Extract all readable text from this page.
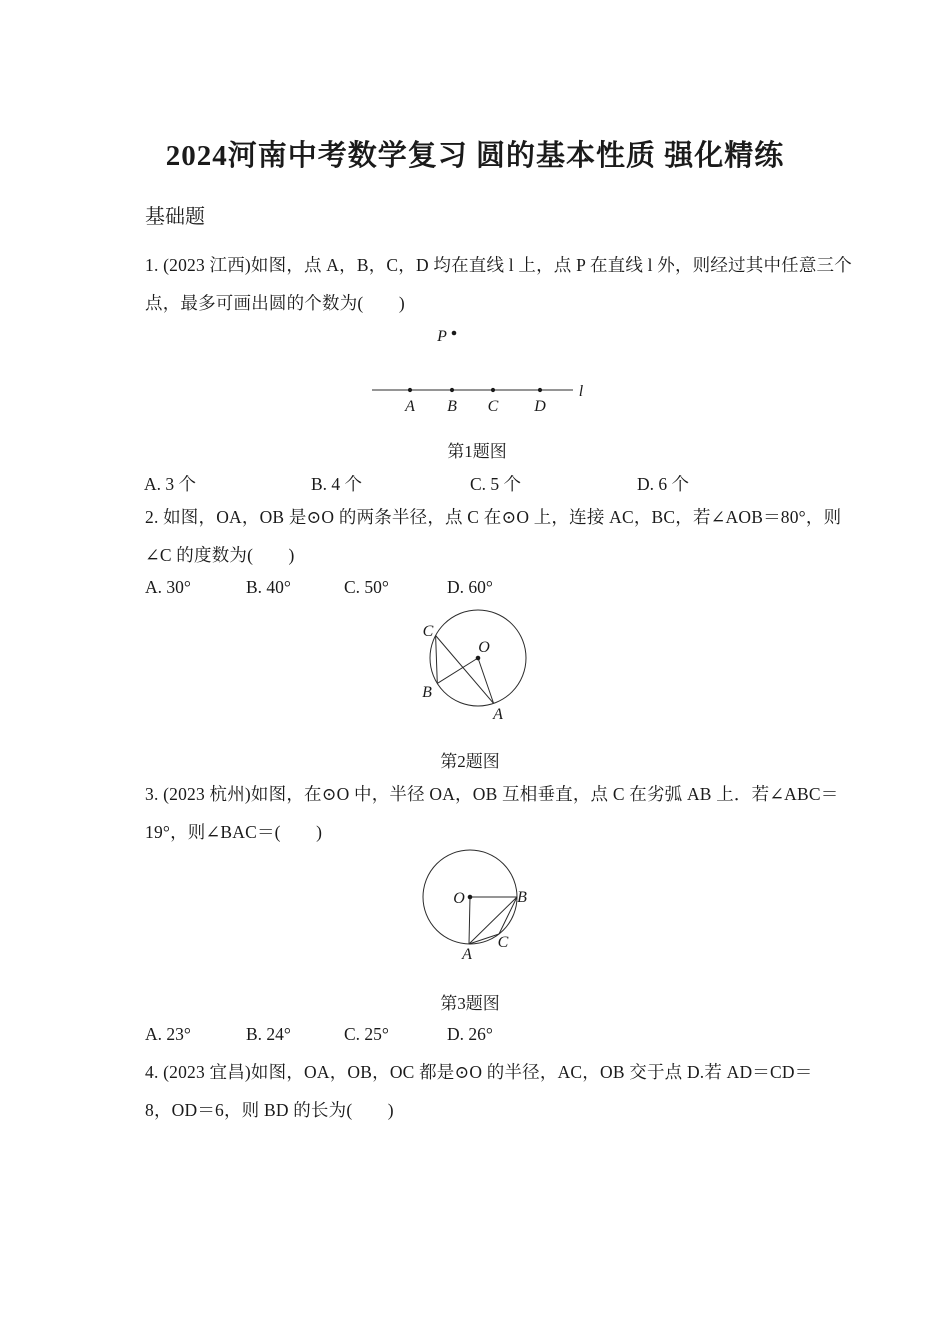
2024河南中考数学复习 圆的基本性质 强化精练
基础题
1. (2023 江西)如图，点 A，B，C，D 均在直线 l 上，点 P 在直线 l 外，则经过其中任意三个
点，最多可画出圆的个数为(　　)
P
A B C D
l
第1题图
A. 3 个	B. 4 个	C. 5 个	D. 6 个
2. 如图，OA，OB 是⊙O 的两条半径，点 C 在⊙O 上，连接 AC，BC，若∠AOB＝80°，则
∠C 的度数为(　　)
A. 30°	B. 40°	C. 50°	D. 60°
O
C
B
A
第2题图
3. (2023 杭州)如图，在⊙O 中，半径 OA，OB 互相垂直，点 C 在劣弧 AB 上．若∠ABC＝
19°，则∠BAC＝(　　)
O	B
A
C
第3题图
A. 23°	B. 24°	C. 25°	D. 26°
4. (2023 宜昌)如图，OA，OB，OC 都是⊙O 的半径，AC，OB 交于点 D.若 AD＝CD＝
8，OD＝6，则 BD 的长为(　　)
